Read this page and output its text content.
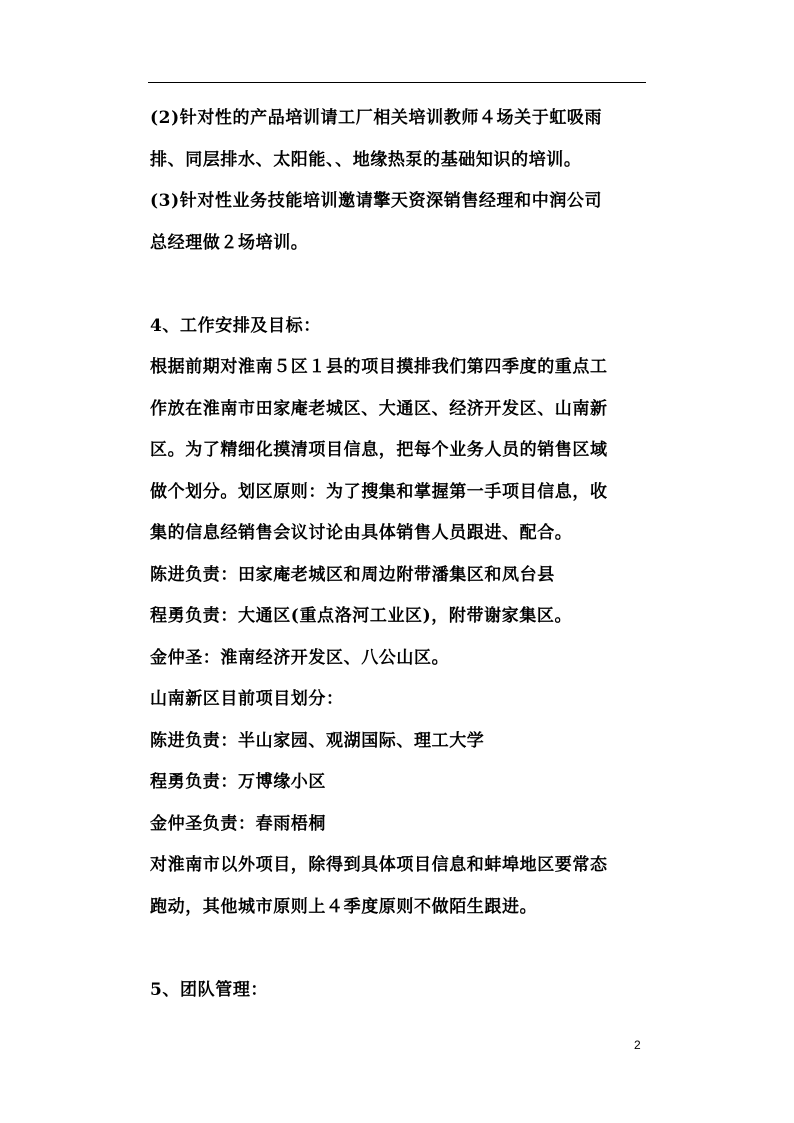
(2)针对性的产品培训请工厂相关培训教师４场关于虹吸雨
排、同层排水、太阳能、、地缘热泵的基础知识的培训。
(3)针对性业务技能培训邀请擎天资深销售经理和中润公司
总经理做２场培训。
4、工作安排及目标：
根据前期对淮南５区１县的项目摸排我们第四季度的重点工
作放在淮南市田家庵老城区、大通区、经济开发区、山南新
区。为了精细化摸清项目信息，把每个业务人员的销售区域
做个划分。划区原则：为了搜集和掌握第一手项目信息，收
集的信息经销售会议讨论由具体销售人员跟进、配合。
陈进负责：田家庵老城区和周边附带潘集区和凤台县
程勇负责：大通区(重点洛河工业区)，附带谢家集区。
金仲圣：淮南经济开发区、八公山区。
山南新区目前项目划分：
陈进负责：半山家园、观湖国际、理工大学
程勇负责：万博缘小区
金仲圣负责：春雨梧桐
对淮南市以外项目，除得到具体项目信息和蚌埠地区要常态
跑动，其他城市原则上４季度原则不做陌生跟进。
5、团队管理：
2
